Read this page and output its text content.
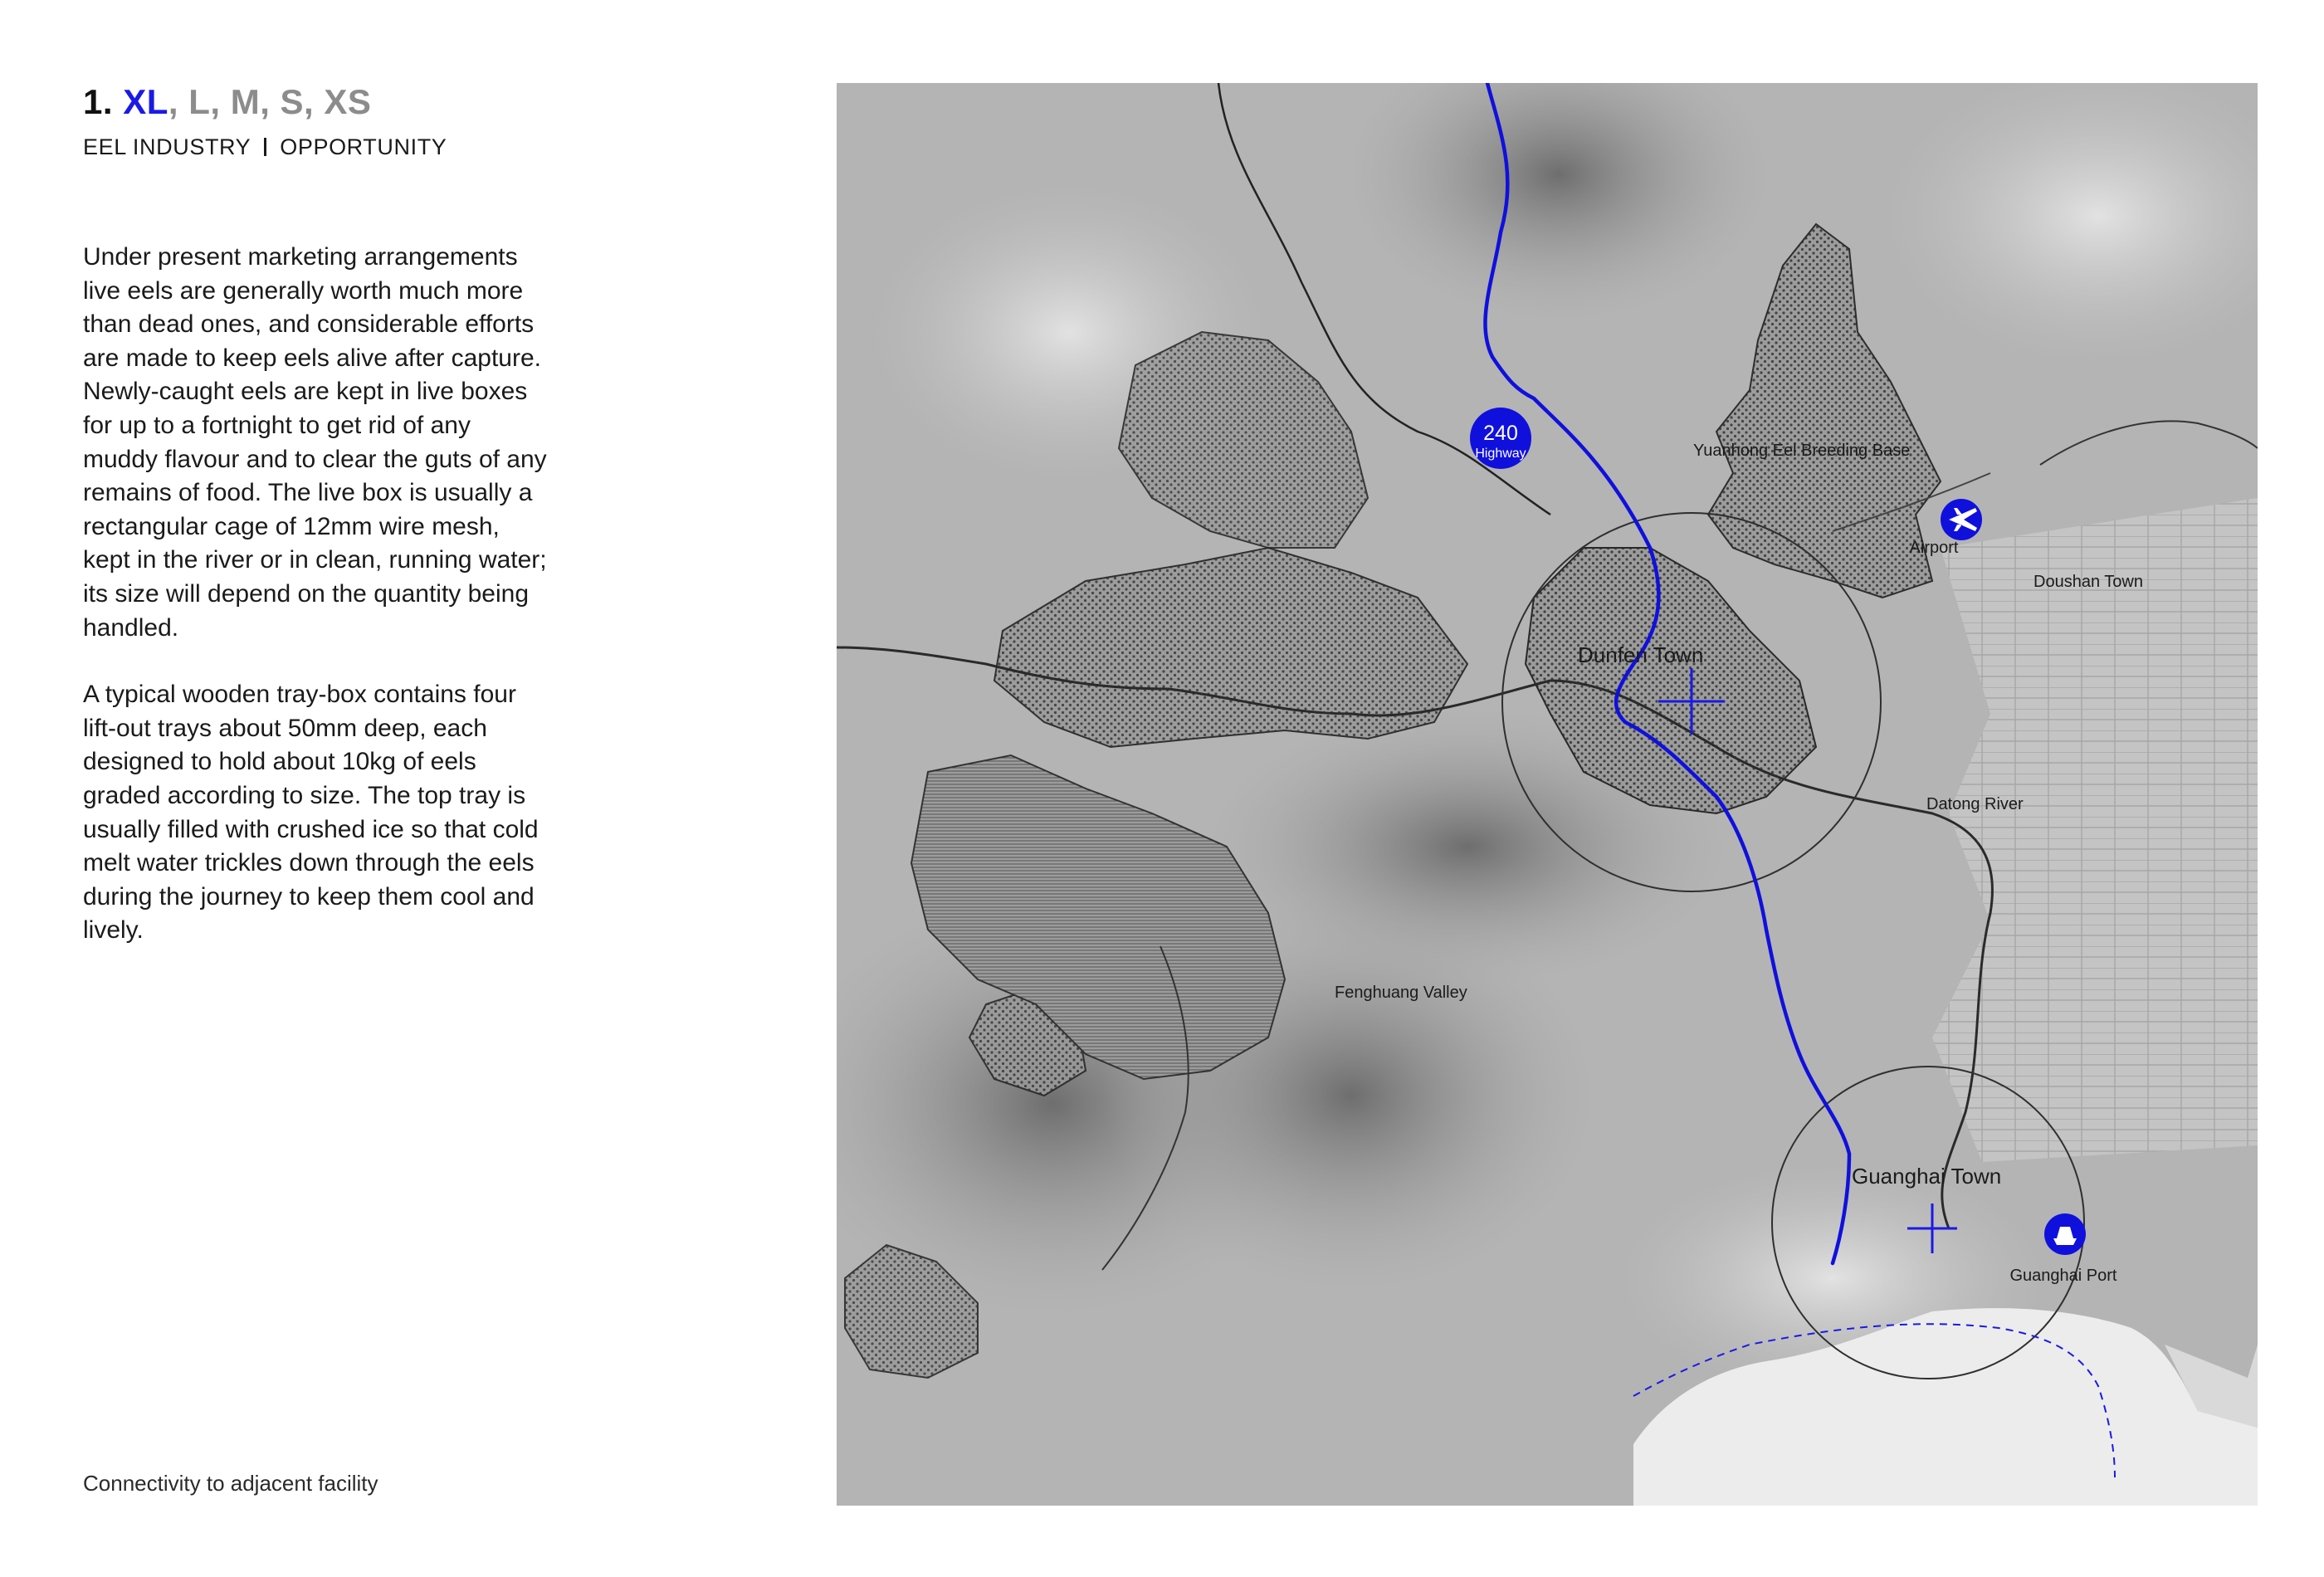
1. XL, L, M, S, XS
EEL INDUSTRY OPPORTUNITY

Under present marketing arrangements live eels are generally worth much more than dead ones, and considerable efforts are made to keep eels alive after capture. Newly-caught eels are kept in live boxes for up to a fortnight to get rid of any muddy flavour and to clear the guts of any remains of food. The live box is usually a rectangular cage of 12mm wire mesh, kept in the river or in clean, running water; its size will depend on the quantity being handled.

A typical wooden tray-box contains four lift-out trays about 50mm deep, each designed to hold about 10kg of eels graded according to size. The top tray is usually filled with crushed ice so that cold melt water trickles down through the eels during the journey to keep them cool and lively.

Connectivity to adjacent facility
240
Highway	Yuanhong Eel Breeding Base
Airport
Doushan Town
Dunfen Town
Datong River
Fenghuang Valley
Guanghai Town
Guanghai Port
